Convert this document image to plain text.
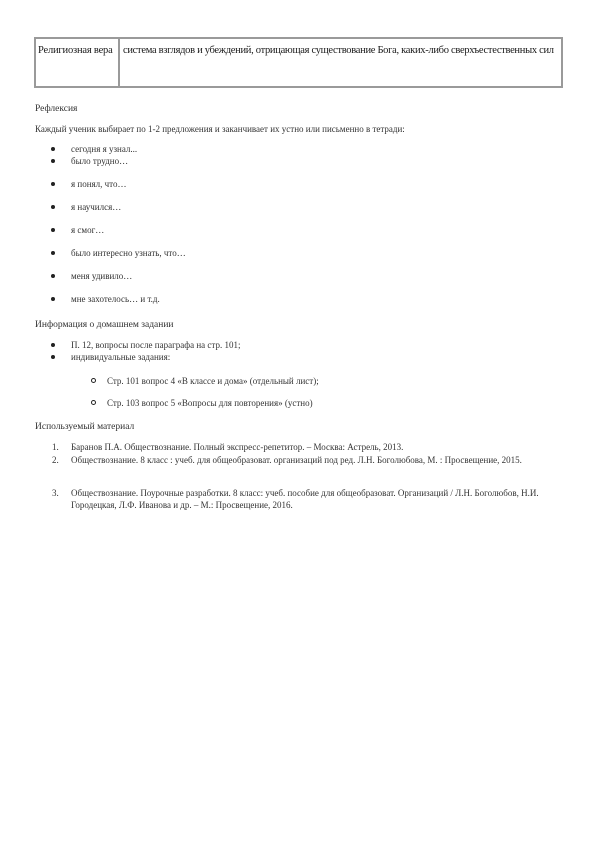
Религиозная вера система взглядов и убеждений, отрицающая существование Бога, каких-либо сверхъестественных сил
Рефлексия
Каждый ученик выбирает по 1-2 предложения и заканчивает их устно или письменно в тетради:
сегодня я узнал...
было трудно…
я понял, что…
я научился…
я смог…
было интересно узнать, что…
меня удивило…
мне захотелось… и т.д.
Информация о домашнем задании
П. 12, вопросы после параграфа на стр. 101;
индивидуальные задания:
Стр. 101 вопрос 4 «В классе и дома» (отдельный лист);
Стр. 103 вопрос 5 «Вопросы для повторения» (устно)
Используемый материал
1. Баранов П.А. Обществознание. Полный экспресс-репетитор. – Москва: Астрель, 2013.
2. Обществознание. 8 класс : учеб. для общеобразоват. организаций под ред. Л.Н. Боголюбова, М. : Просвещение, 2015.
3. Обществознание. Поурочные разработки. 8 класс: учеб. пособие для общеобразоват. Организаций / Л.Н. Боголюбов, Н.И. Городецкая, Л.Ф. Иванова и др. – М.: Просвещение, 2016.
